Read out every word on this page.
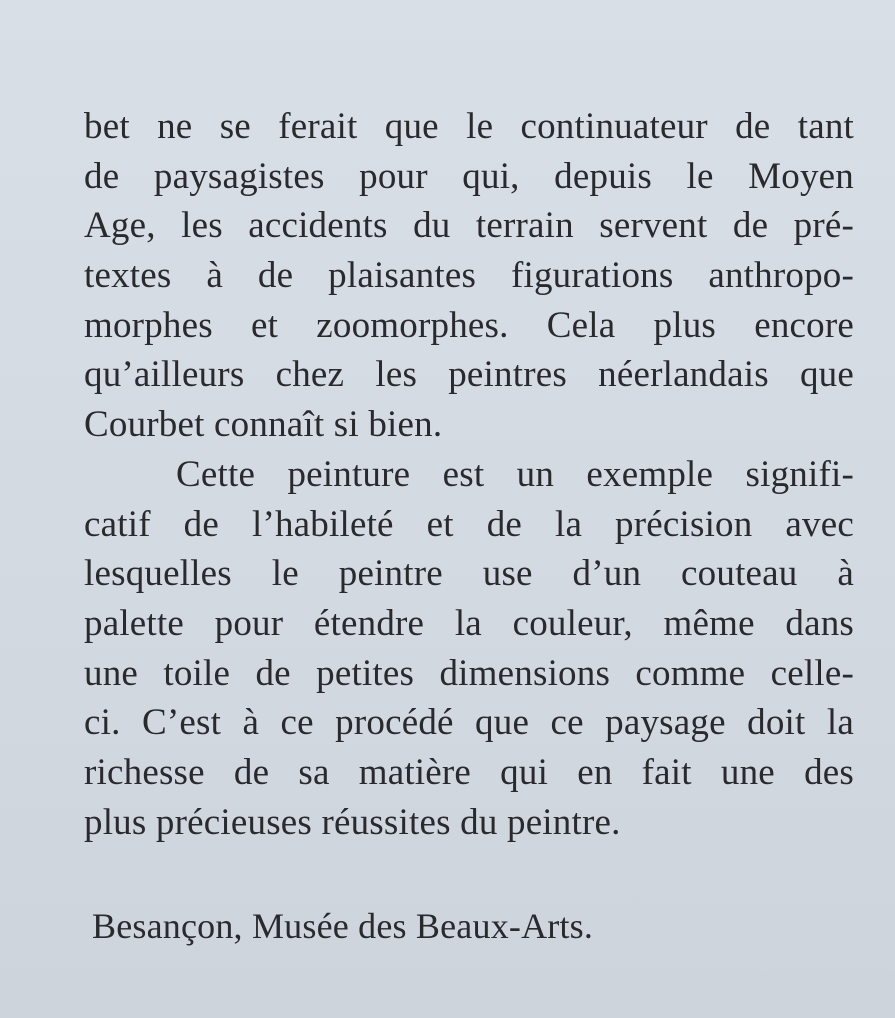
bet ne se ferait que le continuateur de tant
de paysagistes pour qui, depuis le Moyen
Age, les accidents du terrain servent de pré-
textes à de plaisantes figurations anthropo-
morphes et zoomorphes. Cela plus encore
qu’ailleurs chez les peintres néerlandais que
Courbet connaît si bien.
Cette peinture est un exemple signifi-
catif de l’habileté et de la précision avec
lesquelles le peintre use d’un couteau à
palette pour étendre la couleur, même dans
une toile de petites dimensions comme celle-
ci. C’est à ce procédé que ce paysage doit la
richesse de sa matière qui en fait une des
plus précieuses réussites du peintre.
Besançon, Musée des Beaux-Arts.
